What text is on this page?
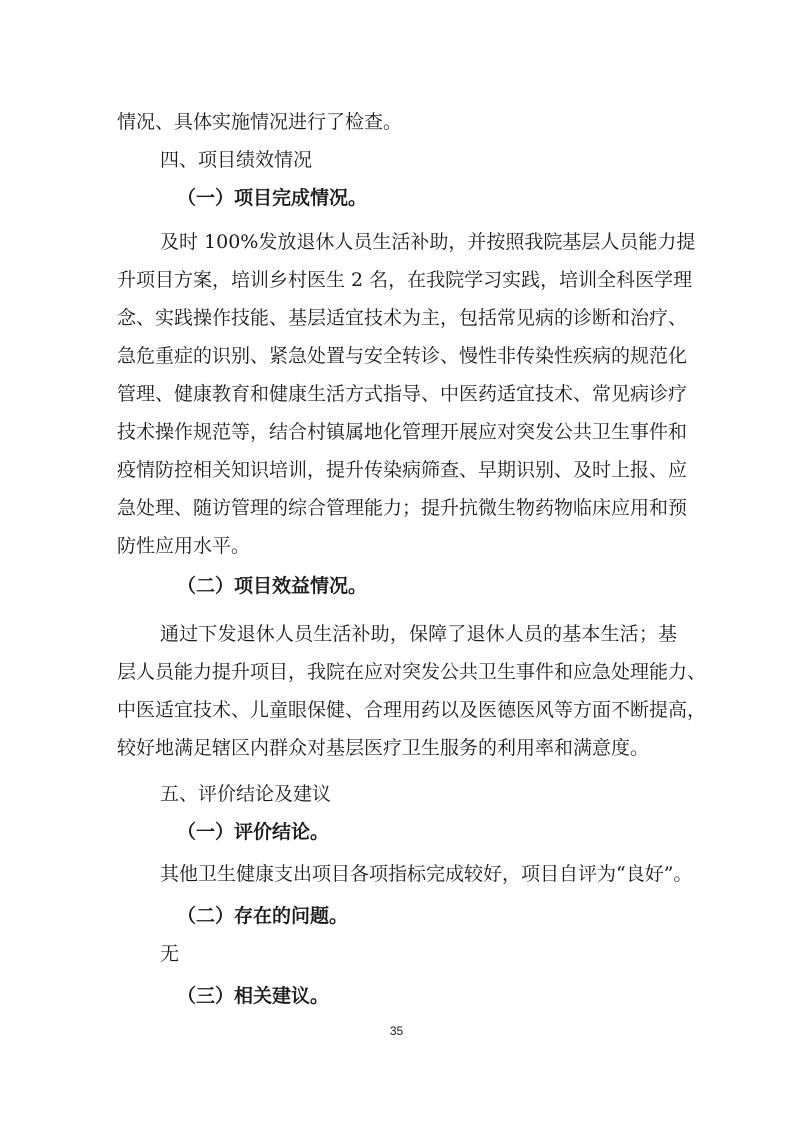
情况、具体实施情况进行了检查。
四、项目绩效情况
（一）项目完成情况。
及时 100%发放退休人员生活补助，并按照我院基层人员能力提
升项目方案，培训乡村医生 2 名，在我院学习实践，培训全科医学理
念、实践操作技能、基层适宜技术为主，包括常见病的诊断和治疗、
急危重症的识别、紧急处置与安全转诊、慢性非传染性疾病的规范化
管理、健康教育和健康生活方式指导、中医药适宜技术、常见病诊疗
技术操作规范等，结合村镇属地化管理开展应对突发公共卫生事件和
疫情防控相关知识培训，提升传染病筛查、早期识别、及时上报、应
急处理、随访管理的综合管理能力；提升抗微生物药物临床应用和预
防性应用水平。
（二）项目效益情况。
通过下发退休人员生活补助，保障了退休人员的基本生活；基
层人员能力提升项目，我院在应对突发公共卫生事件和应急处理能力、
中医适宜技术、儿童眼保健、合理用药以及医德医风等方面不断提高，
较好地满足辖区内群众对基层医疗卫生服务的利用率和满意度。
五、评价结论及建议
（一）评价结论。
其他卫生健康支出项目各项指标完成较好，项目自评为“良好”。
（二）存在的问题。
无
（三）相关建议。
35
